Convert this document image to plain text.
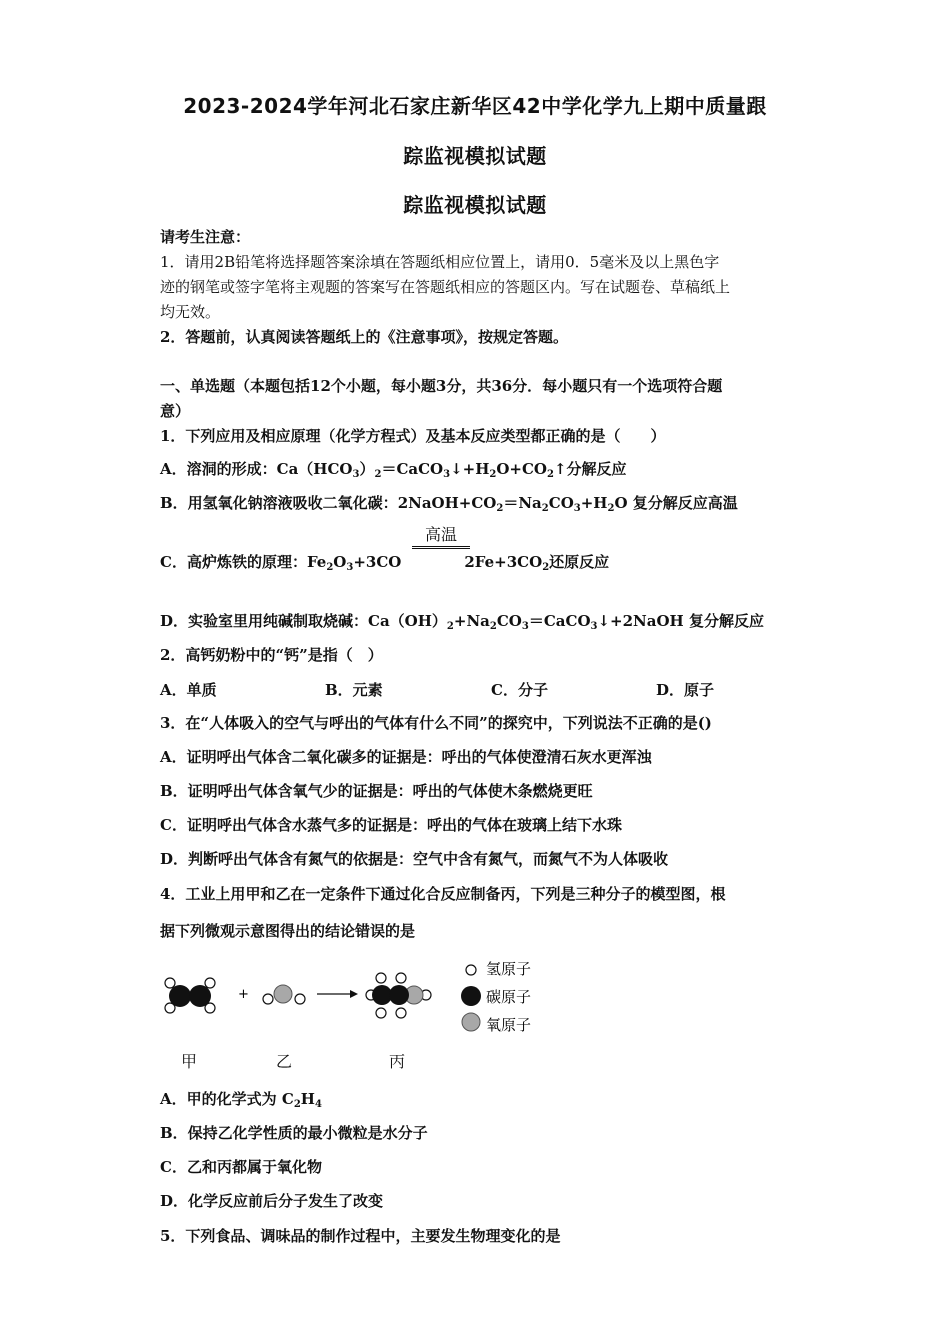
2023-2024学年河北石家庄新华区42中学化学九上期中质量跟
踪监视模拟试题
踪监视模拟试题
请考生注意：
1．请用2B铅笔将选择题答案涂填在答题纸相应位置上，请用0．5毫米及以上黑色字
迹的钢笔或签字笔将主观题的答案写在答题纸相应的答题区内。写在试题卷、草稿纸上
均无效。
2．答题前，认真阅读答题纸上的《注意事项》，按规定答题。
一、单选题（本题包括12个小题，每小题3分，共36分．每小题只有一个选项符合题
意）
1．下列应用及相应原理（化学方程式）及基本反应类型都正确的是（　　）
A．溶洞的形成：$Ca(HCO_3)_2=CaCO_3↓+H_2O+CO_2↑$分解反应
B．用氢氧化钠溶液吸收二氧化碳：$2NaOH+CO_2=Na_2CO_3+H_2O$ 复分解反应高温
高温
C．高炉炼铁的原理：$Fe_2O_3+3CO$	$2Fe+3CO_2$还原反应
D．实验室里用纯碱制取烧碱：$Ca(OH)_2+Na_2CO_3=CaCO_3↓+2NaOH$ 复分解反应
2．高钙奶粉中的“钙”是指（　）
A．单质	B．元素	C．分子	D．原子
3．在“人体吸入的空气与呼出的气体有什么不同”的探究中，下列说法不正确的是()
A．证明呼出气体含二氧化碳多的证据是：呼出的气体使澄清石灰水更浑浊
B．证明呼出气体含氧气少的证据是：呼出的气体使木条燃烧更旺
C．证明呼出气体含水蒸气多的证据是：呼出的气体在玻璃上结下水珠
D．判断呼出气体含有氮气的依据是：空气中含有氮气，而氮气不为人体吸收
4．工业上用甲和乙在一定条件下通过化合反应制备丙，下列是三种分子的模型图，根
据下列微观示意图得出的结论错误的是
+
氢原子
碳原子
氧原子
甲	乙	丙
A．甲的化学式为 $C_2H_4$
B．保持乙化学性质的最小微粒是水分子
C．乙和丙都属于氧化物
D．化学反应前后分子发生了改变
5．下列食品、调味品的制作过程中，主要发生物理变化的是
